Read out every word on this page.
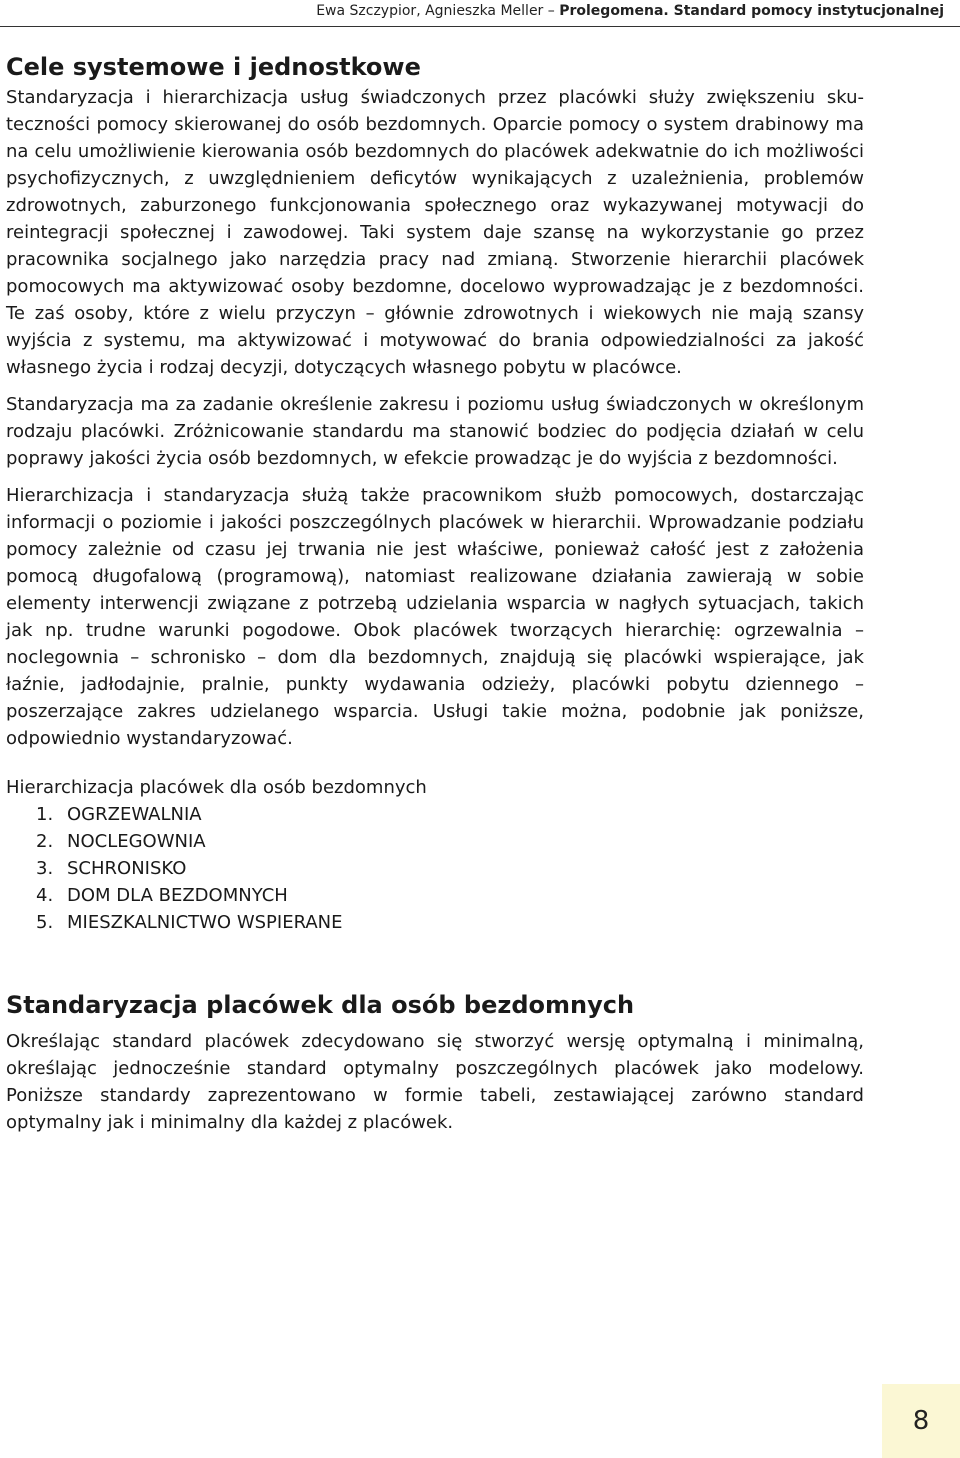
Ewa Szczypior, Agnieszka Meller – Prolegomena. Standard pomocy instytucjonalnej
Cele systemowe i jednostkowe

Standaryzacja i hierarchizacja usług świadczonych przez placówki służy zwiększeniu skuteczności pomocy skierowanej do osób bezdomnych. Oparcie pomocy o system drabinowy ma na celu umożliwienie kierowania osób bezdomnych do placówek adekwatnie do ich możliwości psychofizycznych, z uwzględnieniem deficytów wynikających z uzależnienia, problemów zdrowotnych, zaburzonego funkcjonowania społecznego oraz wykazywanej motywacji do reintegracji społecznej i zawodowej. Taki system daje szansę na wykorzystanie go przez pracownika socjalnego jako narzędzia pracy nad zmianą. Stworzenie hierarchii placówek pomocowych ma aktywizować osoby bezdomne, docelowo wyprowadzając je z bezdomności. Te zaś osoby, które z wielu przyczyn – głównie zdrowotnych i wiekowych nie mają szansy wyjścia z systemu, ma aktywizować i motywować do brania odpowiedzialności za jakość własnego życia i rodzaj decyzji, dotyczących własnego pobytu w placówce.

Standaryzacja ma za zadanie określenie zakresu i poziomu usług świadczonych w określonym rodzaju placówki. Zróżnicowanie standardu ma stanowić bodziec do podjęcia działań w celu poprawy jakości życia osób bezdomnych, w efekcie prowadząc je do wyjścia z bezdomności.

Hierarchizacja i standaryzacja służą także pracownikom służb pomocowych, dostarczając informacji o poziomie i jakości poszczególnych placówek w hierarchii. Wprowadzanie podziału pomocy zależnie od czasu jej trwania nie jest właściwe, ponieważ całość jest z założenia pomocą długofalową (programową), natomiast realizowane działania zawierają w sobie elementy interwencji związane z potrzebą udzielania wsparcia w nagłych sytuacjach, takich jak np. trudne warunki pogodowe. Obok placówek tworzących hierarchię: ogrzewalnia – noclegownia – schronisko – dom dla bezdomnych, znajdują się placówki wspierające, jak łaźnie, jadłodajnie, pralnie, punkty wydawania odzieży, placówki pobytu dziennego – poszerzające zakres udzielanego wsparcia. Usługi takie można, podobnie jak poniższe, odpowiednio wystandaryzować.

Hierarchizacja placówek dla osób bezdomnych
1. OGRZEWALNIA
2. NOCLEGOWNIA
3. SCHRONISKO
4. DOM DLA BEZDOMNYCH
5. MIESZKALNICTWO WSPIERANE
Standaryzacja placówek dla osób bezdomnych

Określając standard placówek zdecydowano się stworzyć wersję optymalną i minimalną, określając jednocześnie standard optymalny poszczególnych placówek jako modelowy. Poniższe standardy zaprezentowano w formie tabeli, zestawiającej zarówno standard optymalny jak i minimalny dla każdej z placówek.

8
